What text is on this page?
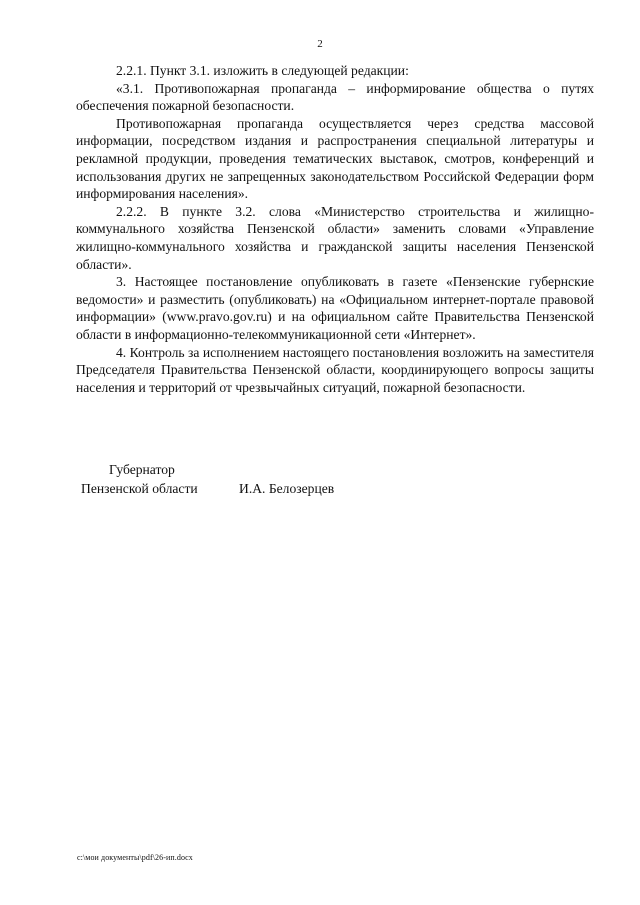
2

2.2.1. Пункт 3.1. изложить в следующей редакции:

«3.1. Противопожарная пропаганда – информирование общества о путях обеспечения пожарной безопасности.

Противопожарная пропаганда осуществляется через средства массовой информации, посредством издания и распространения специальной литературы и рекламной продукции, проведения тематических выставок, смотров, конференций и использования других не запрещенных законодательством Российской Федерации форм информирования населения».

2.2.2. В пункте 3.2. слова «Министерство строительства и жилищно-коммунального хозяйства Пензенской области» заменить словами «Управление жилищно-коммунального хозяйства и гражданской защиты населения Пензенской области».

3. Настоящее постановление опубликовать в газете «Пензенские губернские ведомости» и разместить (опубликовать) на «Официальном интернет-портале правовой информации» (www.pravo.gov.ru) и на официальном сайте Правительства Пензенской области в информационно-телекоммуникационной сети «Интернет».

4. Контроль за исполнением настоящего постановления возложить на заместителя Председателя Правительства Пензенской области, координирующего вопросы защиты населения и территорий от чрезвычайных ситуаций, пожарной безопасности.

Губернатор
Пензенской области	И.А. Белозерцев
c:\мои документы\pdf\26-ип.docx
